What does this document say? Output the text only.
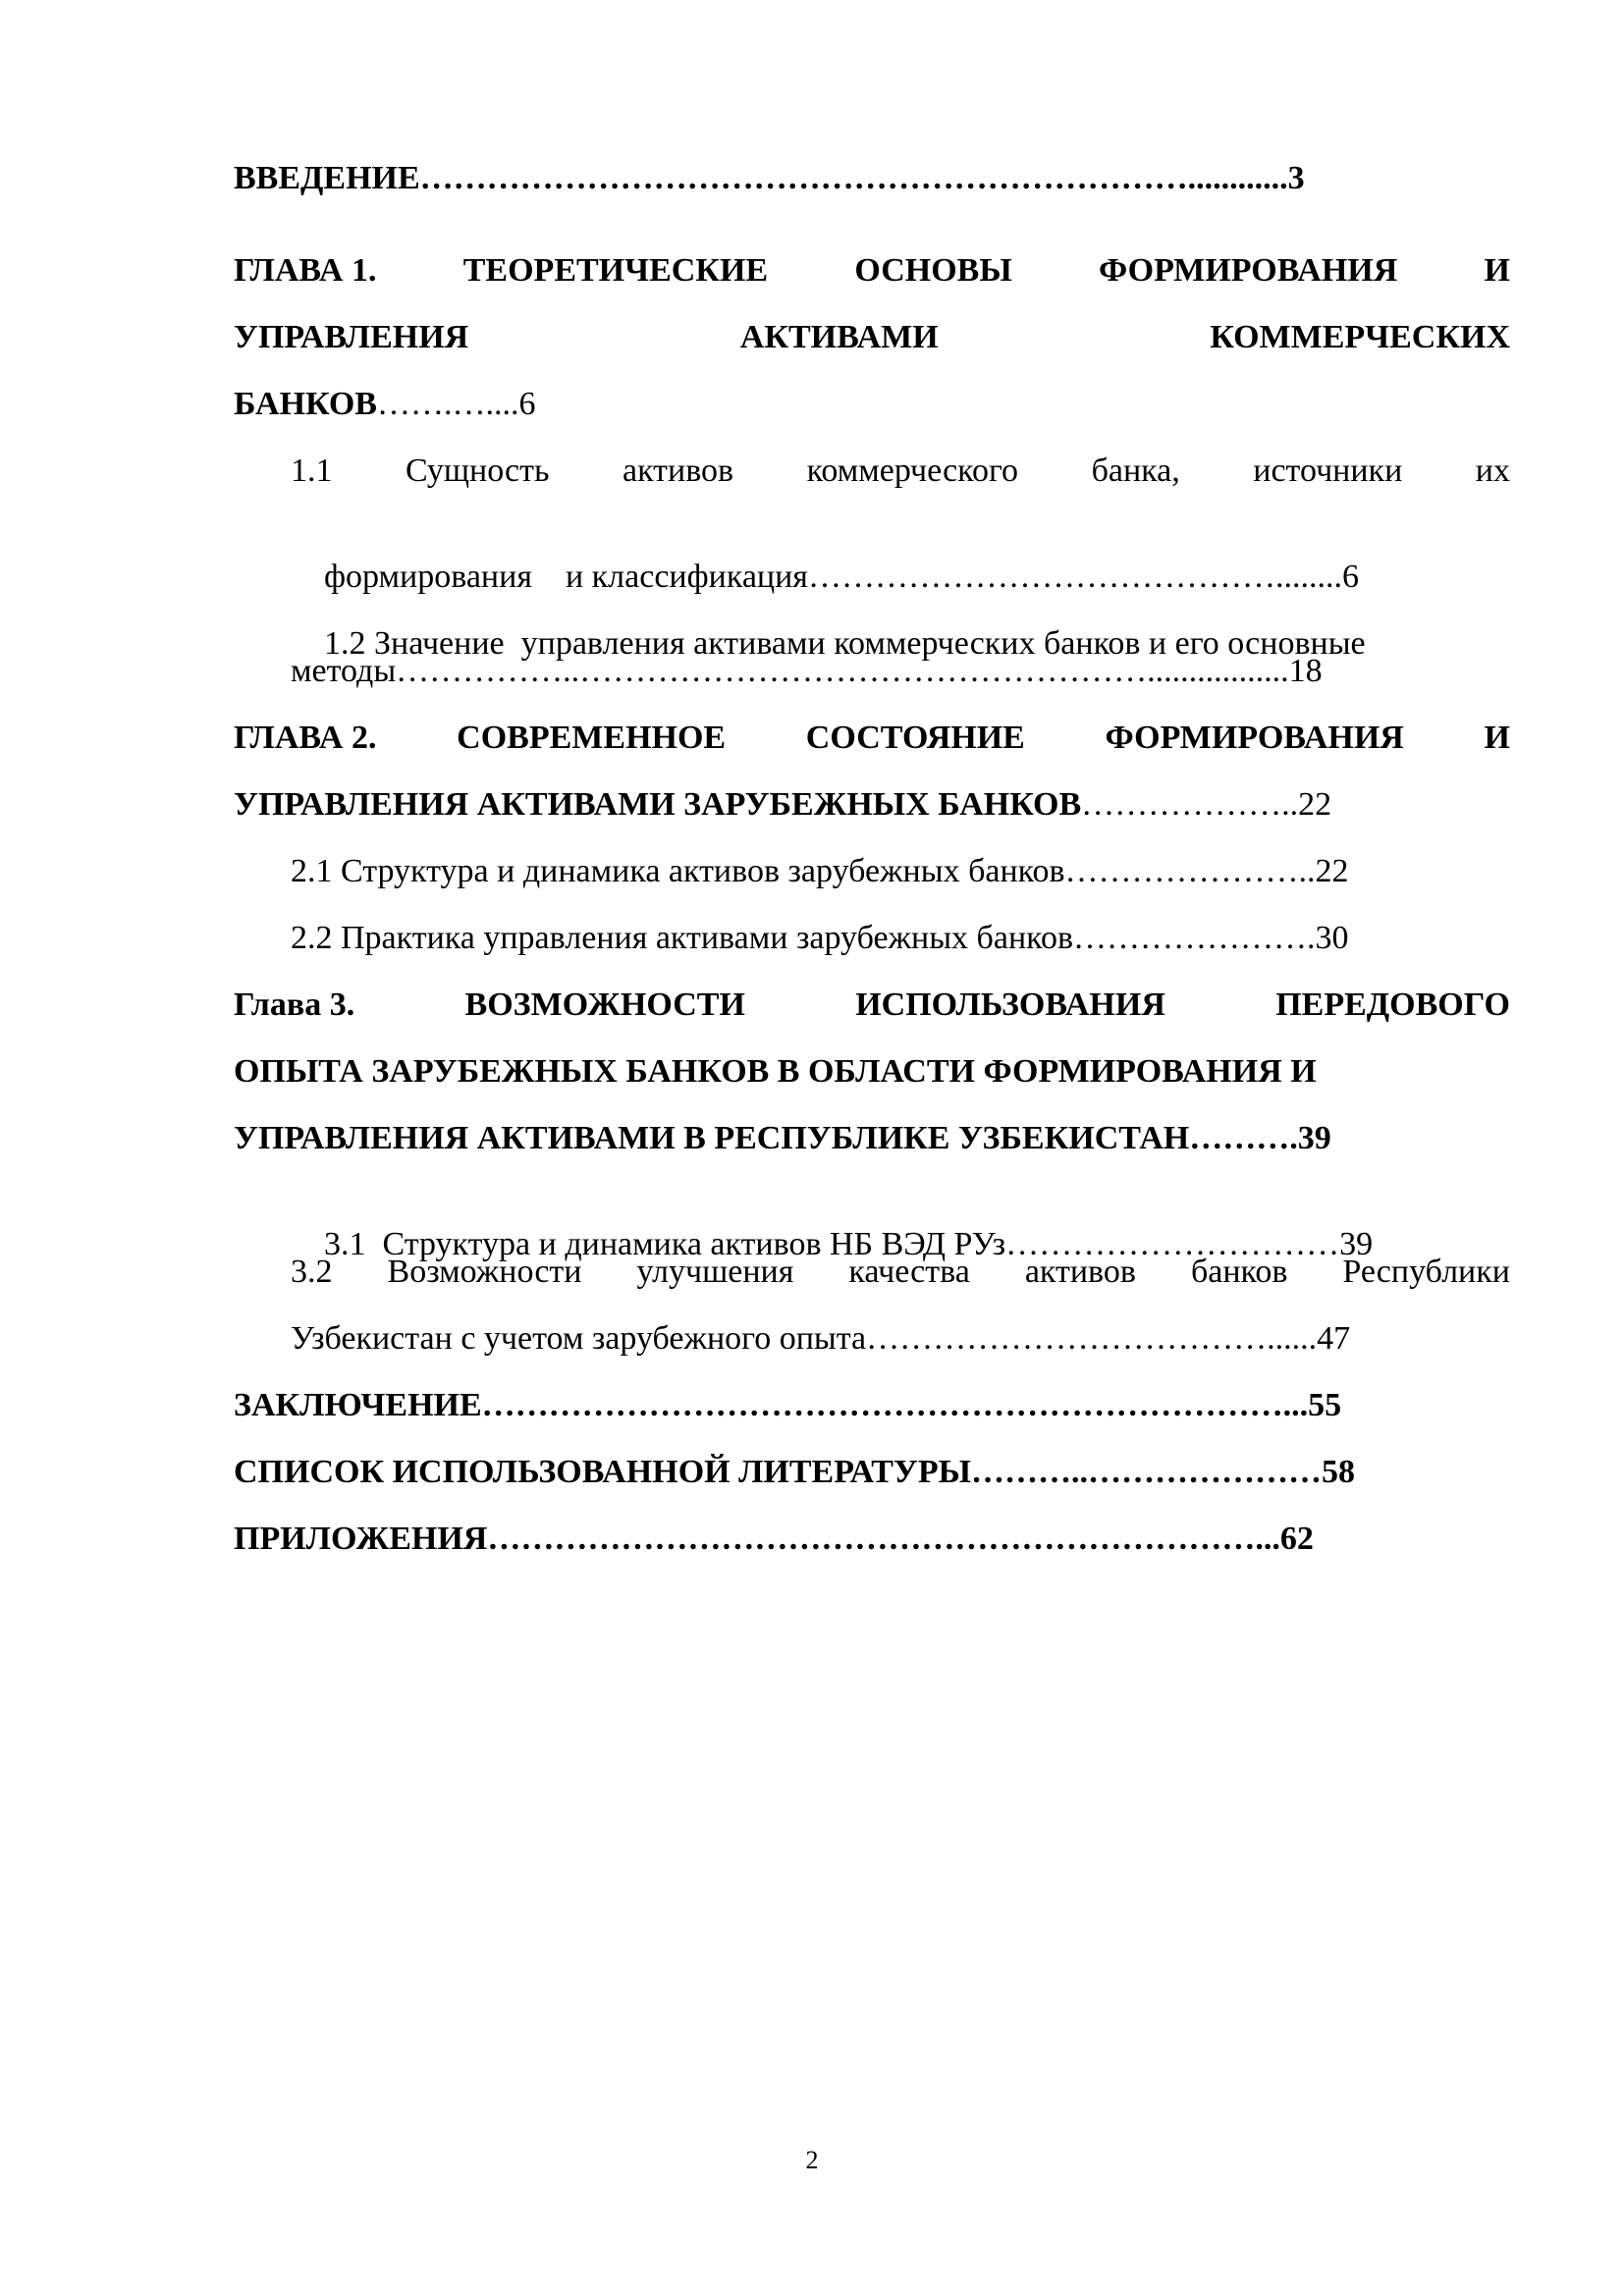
ВВЕДЕНИЕ……………………………………………………………............3
ГЛАВА 1.	ТЕОРЕТИЧЕСКИЕ	ОСНОВЫ	ФОРМИРОВАНИЯ	И
УПРАВЛЕНИЯ	АКТИВАМИ	КОММЕРЧЕСКИХ
БАНКОВ…….…....6
1.1 Сущность активов коммерческого банка, источники их

формирования    и классификация……………………………………........6

1.2 Значение  управления активами коммерческих банков и его основные

методы……………..…………………………………………….................18
ГЛАВА 2. СОВРЕМЕННОЕ СОСТОЯНИЕ ФОРМИРОВАНИЯ И
УПРАВЛЕНИЯ АКТИВАМИ ЗАРУБЕЖНЫХ БАНКОВ………………..22
2.1 Структура и динамика активов зарубежных банков…………………..22
2.2 Практика управления активами зарубежных банков………………….30
Глава 3.	ВОЗМОЖНОСТИ	ИСПОЛЬЗОВАНИЯ	ПЕРЕДОВОГО
ОПЫТА ЗАРУБЕЖНЫХ БАНКОВ В ОБЛАСТИ ФОРМИРОВАНИЯ И
УПРАВЛЕНИЯ АКТИВАМИ В РЕСПУБЛИКЕ УЗБЕКИСТАН……….39

3.1  Структура и динамика активов НБ ВЭД РУз…………………………39

3.2 Возможности улучшения качества активов банков Республики
Узбекистан с учетом зарубежного опыта………………………………......47
ЗАКЛЮЧЕНИЕ………………………………………………………………...55
СПИСОК ИСПОЛЬЗОВАННОЙ ЛИТЕРАТУРЫ………..…………………58
ПРИЛОЖЕНИЯ……………………………………………………………...62
2
